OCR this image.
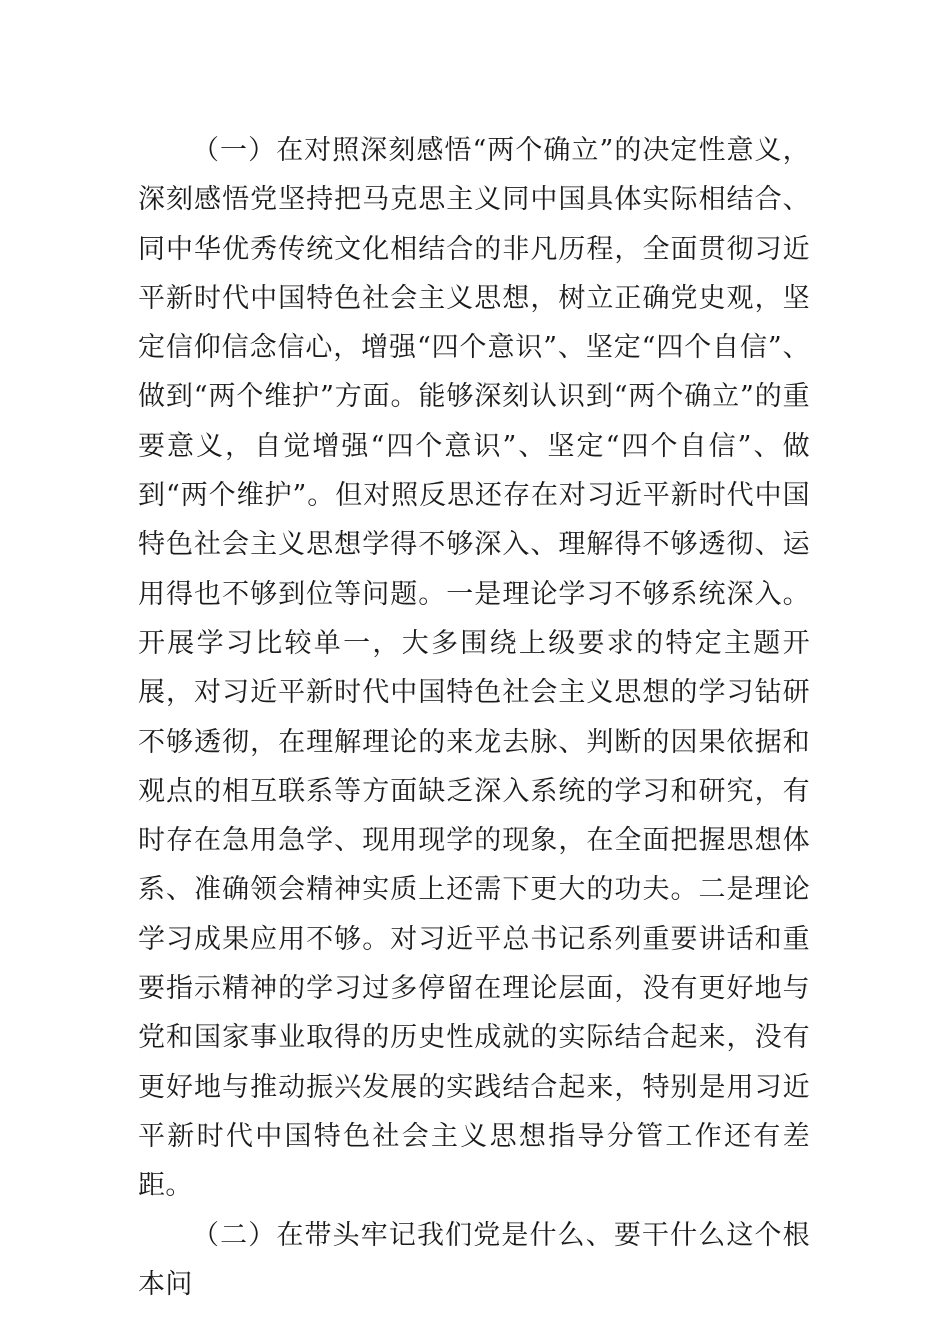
（一）在对照深刻感悟“两个确立”的决定性意义，深刻感悟党坚持把马克思主义同中国具体实际相结合、同中华优秀传统文化相结合的非凡历程，全面贯彻习近平新时代中国特色社会主义思想，树立正确党史观，坚定信仰信念信心，增强“四个意识”、坚定“四个自信”、做到“两个维护”方面。能够深刻认识到“两个确立”的重要意义，自觉增强“四个意识”、坚定“四个自信”、做到“两个维护”。但对照反思还存在对习近平新时代中国特色社会主义思想学得不够深入、理解得不够透彻、运用得也不够到位等问题。一是理论学习不够系统深入。开展学习比较单一，大多围绕上级要求的特定主题开展，对习近平新时代中国特色社会主义思想的学习钻研不够透彻，在理解理论的来龙去脉、判断的因果依据和观点的相互联系等方面缺乏深入系统的学习和研究，有时存在急用急学、现用现学的现象，在全面把握思想体系、准确领会精神实质上还需下更大的功夫。二是理论学习成果应用不够。对习近平总书记系列重要讲话和重要指示精神的学习过多停留在理论层面，没有更好地与党和国家事业取得的历史性成就的实际结合起来，没有更好地与推动振兴发展的实践结合起来，特别是用习近平新时代中国特色社会主义思想指导分管工作还有差距。

（二）在带头牢记我们党是什么、要干什么这个根本问
